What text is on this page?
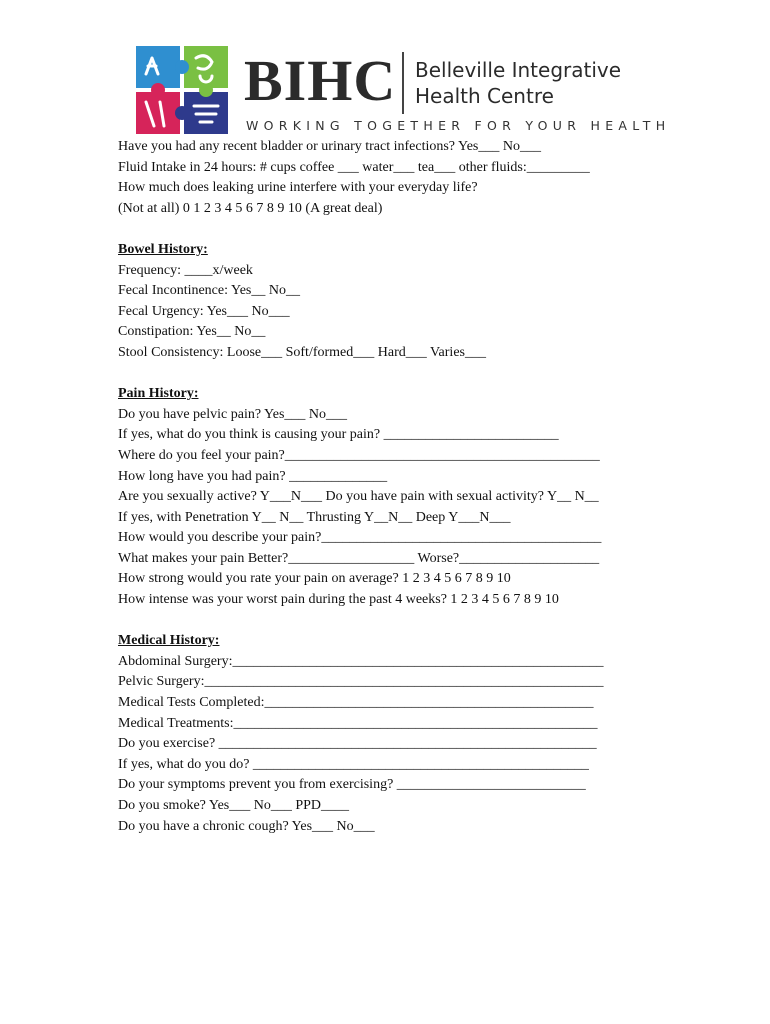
BIHC Belleville Integrative
Health Centre
WORKING TOGETHER FOR YOUR HEALTH
Have you had any recent bladder or urinary tract infections? Yes___ No___
Fluid Intake in 24 hours: # cups coffee ___ water___ tea___ other fluids:_________
How much does leaking urine interfere with your everyday life?
(Not at all) 0 1 2 3 4 5 6 7 8 9 10 (A great deal)
Bowel History:
Frequency: ____x/week
Fecal Incontinence: Yes__ No__
Fecal Urgency: Yes___ No___
Constipation: Yes__ No__
Stool Consistency: Loose___ Soft/formed___ Hard___ Varies___
Pain History:
Do you have pelvic pain? Yes___ No___
If yes, what do you think is causing your pain? _________________________
Where do you feel your pain?_____________________________________________
How long have you had pain? ______________
Are you sexually active? Y___N___ Do you have pain with sexual activity? Y__ N__
If yes, with Penetration Y__ N__ Thrusting Y__N__ Deep Y___N___
How would you describe your pain?________________________________________
What makes your pain Better?__________________ Worse?____________________
How strong would you rate your pain on average? 1 2 3 4 5 6 7 8 9 10
How intense was your worst pain during the past 4 weeks? 1 2 3 4 5 6 7 8 9 10
Medical History:
Abdominal Surgery:_____________________________________________________
Pelvic Surgery:_________________________________________________________
Medical Tests Completed:_______________________________________________
Medical Treatments:____________________________________________________
Do you exercise? ______________________________________________________
If yes, what do you do? ________________________________________________
Do your symptoms prevent you from exercising? ___________________________
Do you smoke? Yes___ No___ PPD____
Do you have a chronic cough? Yes___ No___
